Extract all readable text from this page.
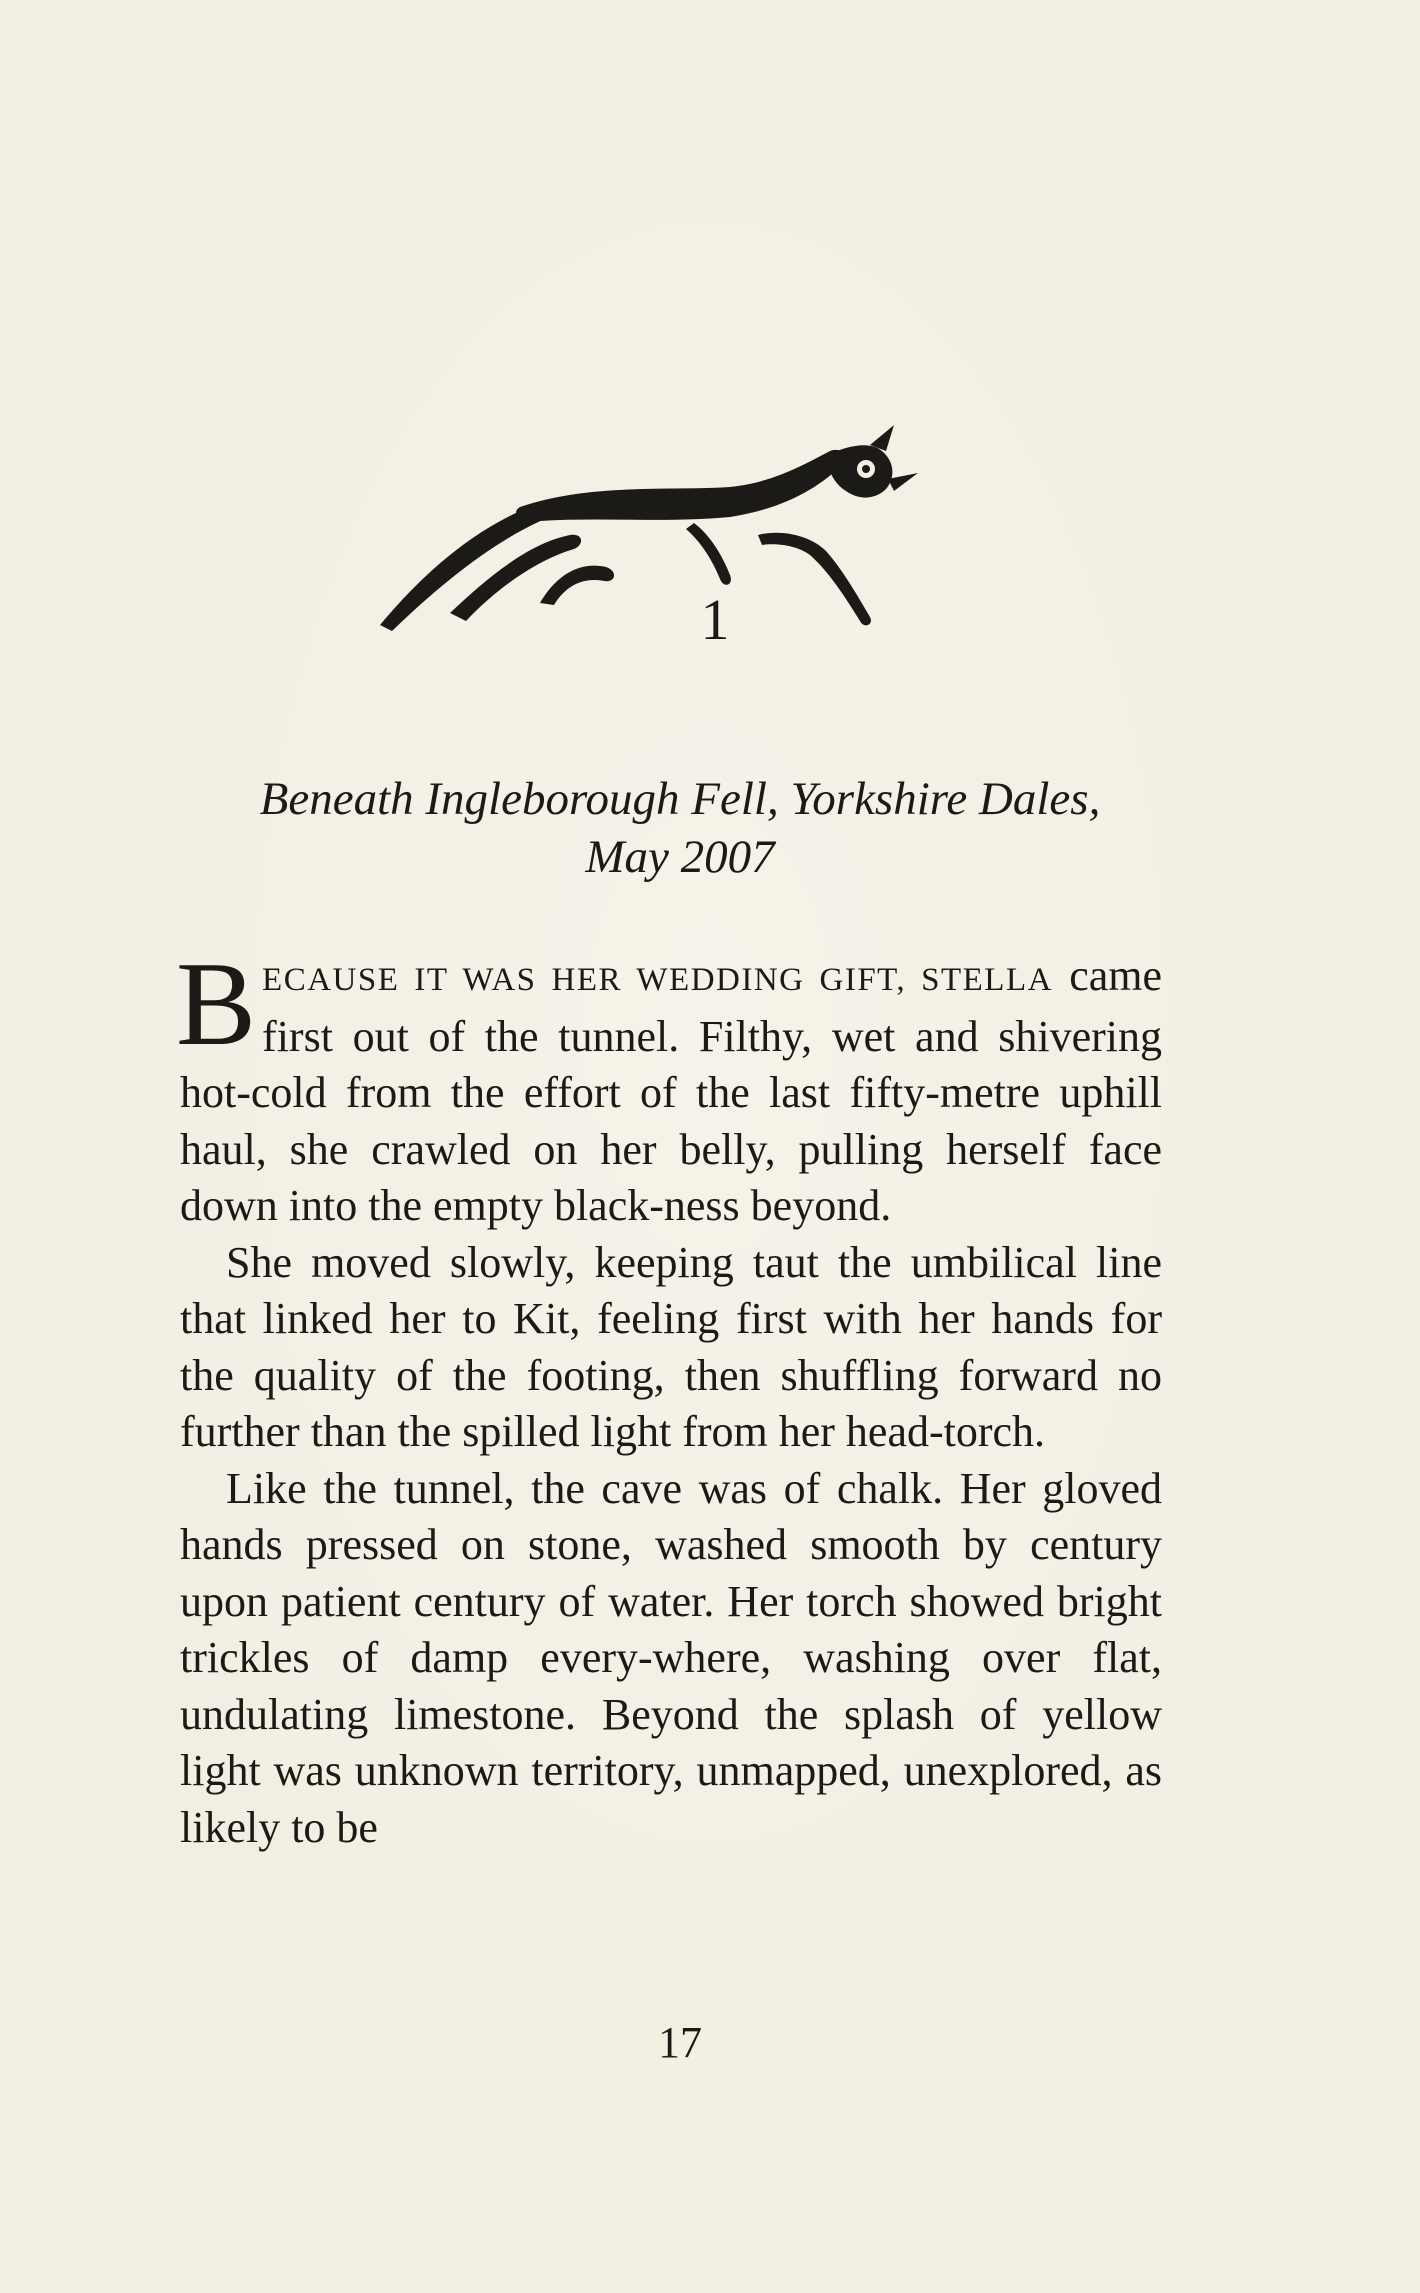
1
Beneath Ingleborough Fell, Yorkshire Dales,
May 2007

BECAUSE IT WAS HER WEDDING GIFT, STELLA came first out of the tunnel. Filthy, wet and shivering hot-cold from the effort of the last fifty-metre uphill haul, she crawled on her belly, pulling herself face down into the empty black-ness beyond.

She moved slowly, keeping taut the umbilical line that linked her to Kit, feeling first with her hands for the quality of the footing, then shuffling forward no further than the spilled light from her head-torch.

Like the tunnel, the cave was of chalk. Her gloved hands pressed on stone, washed smooth by century upon patient century of water. Her torch showed bright trickles of damp every-where, washing over flat, undulating limestone. Beyond the splash of yellow light was unknown territory, unmapped, unexplored, as likely to be

17
